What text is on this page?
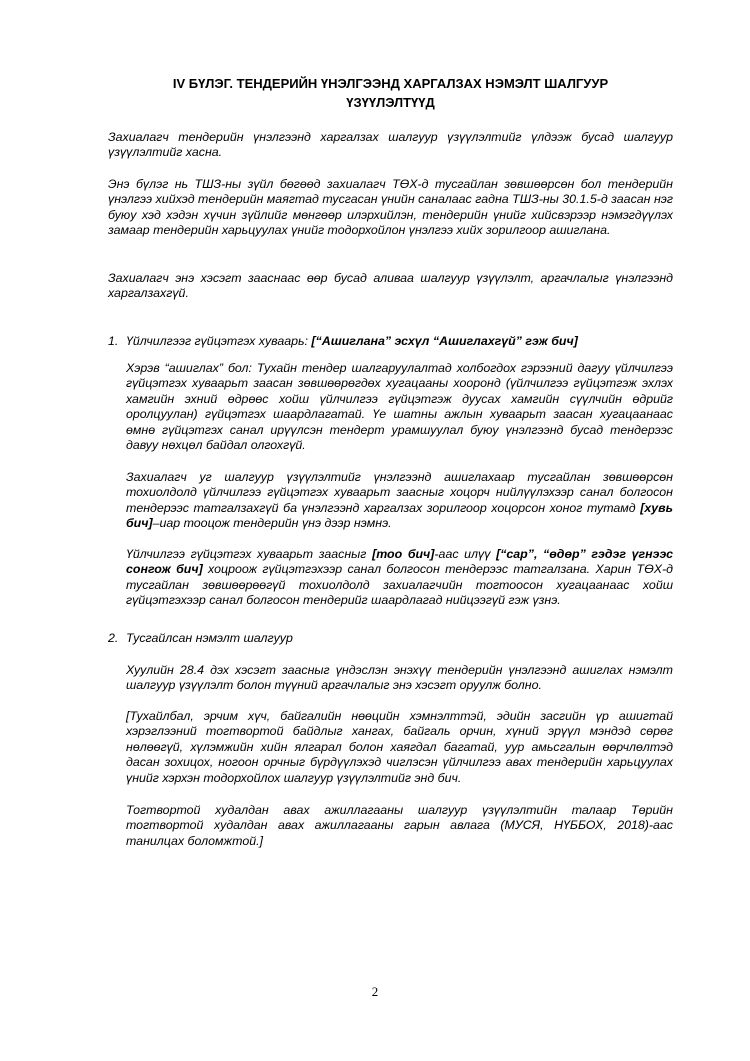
IV БҮЛЭГ. ТЕНДЕРИЙН ҮНЭЛГЭЭНД ХАРГАЛЗАХ НЭМЭЛТ ШАЛГУУР
ҮЗҮҮЛЭЛТҮҮД

Захиалагч тендерийн үнэлгээнд харгалзах шалгуур үзүүлэлтийг үлдээж бусад шалгуур үзүүлэлтийг хасна.

Энэ бүлэг нь ТШЗ-ны зүйл бөгөөд захиалагч ТӨХ-д тусгайлан зөвшөөрсөн бол тендерийн үнэлгээ хийхэд тендерийн маягтад тусгасан үнийн саналаас гадна ТШЗ-ны 30.1.5-д заасан нэг буюу хэд хэдэн хүчин зүйлийг мөнгөөр илэрхийлэн, тендерийн үнийг хийсвэрээр нэмэгдүүлэх замаар тендерийн харьцуулах үнийг тодорхойлон үнэлгээ хийх зорилгоор ашиглана.

Захиалагч энэ хэсэгт зааснаас өөр бусад аливаа шалгуур үзүүлэлт, аргачлалыг үнэлгээнд харгалзахгүй.

1. Үйлчилгээг гүйцэтгэх хуваарь: [“Ашиглана” эсхүл “Ашиглахгүй” гэж бич]

Хэрэв “ашиглах” бол: Тухайн тендер шалгаруулалтад холбогдох гэрээний дагуу үйлчилгээ гүйцэтгэх хуваарьт заасан зөвшөөрөгдөх хугацааны хооронд (үйлчилгээ гүйцэтгэж эхлэх хамгийн эхний өдрөөс хойш үйлчилгээ гүйцэтгэж дуусах хамгийн сүүлчийн өдрийг оролцуулан) гүйцэтгэх шаардлагатай. Үе шатны ажлын хуваарьт заасан хугацаанаас өмнө гүйцэтгэх санал ирүүлсэн тендерт урамшуулал буюу үнэлгээнд бусад тендерээс давуу нөхцөл байдал олгохгүй.

Захиалагч уг шалгуур үзүүлэлтийг үнэлгээнд ашиглахаар тусгайлан зөвшөөрсөн тохиолдолд үйлчилгээ гүйцэтгэх хуваарьт заасныг хоцорч нийлүүлэхээр санал болгосон тендерээс татгалзахгүй ба үнэлгээнд харгалзах зорилгоор хоцорсон хоног тутамд [хувь бич]–иар тооцож тендерийн үнэ дээр нэмнэ.

Үйлчилгээ гүйцэтгэх хуваарьт заасныг [тоо бич]-аас илүү [“сар”, “өдөр” гэдэг үгнээс сонгож бич] хоцроож гүйцэтгэхээр санал болгосон тендерээс татгалзана. Харин ТӨХ-д тусгайлан зөвшөөрөөгүй тохиолдолд захиалагчийн тогтоосон хугацаанаас хойш гүйцэтгэхээр санал болгосон тендерийг шаардлагад нийцээгүй гэж үзнэ.

2. Тусгайлсан нэмэлт шалгуур

Хуулийн 28.4 дэх хэсэгт заасныг үндэслэн энэхүү тендерийн үнэлгээнд ашиглах нэмэлт шалгуур үзүүлэлт болон түүний аргачлалыг энэ хэсэгт оруулж болно.

[Тухайлбал, эрчим хүч, байгалийн нөөцийн хэмнэлттэй, эдийн засгийн үр ашигтай хэрэглээний тогтвортой байдлыг хангах, байгаль орчин, хүний эрүүл мэндэд сөрөг нөлөөгүй, хүлэмжийн хийн ялгарал болон хаягдал багатай, уур амьсгалын өөрчлөлтэд дасан зохицох, ногоон орчныг бүрдүүлэхэд чиглэсэн үйлчилгээ авах тендерийн харьцуулах үнийг хэрхэн тодорхойлох шалгуур үзүүлэлтийг энд бич.

Тогтвортой худалдан авах ажиллагааны шалгуур үзүүлэлтийн талаар Төрийн тогтвортой худалдан авах ажиллагааны гарын авлага (МУСЯ, НҮББОХ, 2018)-аас танилцах боломжтой.]

2
